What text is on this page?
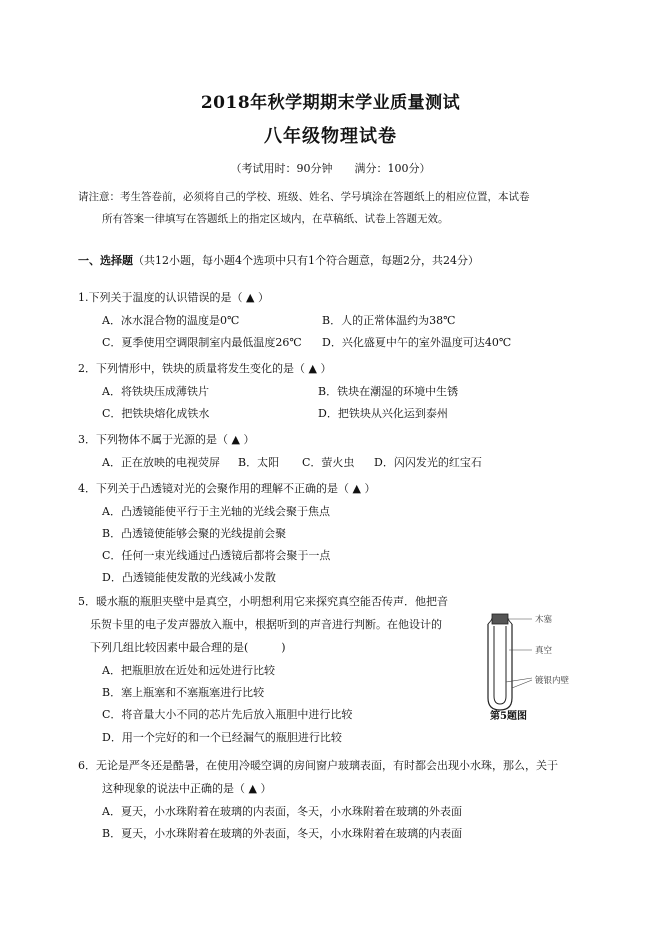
2018年秋学期期末学业质量测试
八年级物理试卷
（考试用时：90分钟　　满分：100分）
请注意：考生答卷前，必须将自己的学校、班级、姓名、学号填涂在答题纸上的相应位置，本试卷
所有答案一律填写在答题纸上的指定区域内，在草稿纸、试卷上答题无效。
一、选择题（共12小题，每小题4个选项中只有1个符合题意，每题2分，共24分）
1.下列关于温度的认识错误的是（ ▲ ）
A．冰水混合物的温度是0℃	B．人的正常体温约为38℃
C．夏季使用空调限制室内最低温度26℃ D．兴化盛夏中午的室外温度可达40℃
2．下列情形中，铁块的质量将发生变化的是（ ▲ ）
A．将铁块压成薄铁片	B．铁块在潮湿的环境中生锈
C．把铁块熔化成铁水	D．把铁块从兴化运到泰州
3．下列物体不属于光源的是（ ▲ ）
A．正在放映的电视荧屏 B．太阳 C．萤火虫 D．闪闪发光的红宝石
4．下列关于凸透镜对光的会聚作用的理解不正确的是（ ▲ ）
A．凸透镜能使平行于主光轴的光线会聚于焦点
B．凸透镜使能够会聚的光线提前会聚
C．任何一束光线通过凸透镜后都将会聚于一点
D．凸透镜能使发散的光线减小发散
5．暖水瓶的瓶胆夹壁中是真空，小明想利用它来探究真空能否传声．他把音
乐贺卡里的电子发声器放入瓶中，根据听到的声音进行判断。在他设计的
下列几组比较因素中最合理的是(　　　)
A．把瓶胆放在近处和远处进行比较
B．塞上瓶塞和不塞瓶塞进行比较
C．将音量大小不同的芯片先后放入瓶胆中进行比较
D．用一个完好的和一个已经漏气的瓶胆进行比较
木塞
真空
镀银内壁
第5题图
6．无论是严冬还是酷暑，在使用冷暖空调的房间窗户玻璃表面，有时都会出现小水珠，那么，关于
这种现象的说法中正确的是（ ▲ ）
A．夏天，小水珠附着在玻璃的内表面，冬天，小水珠附着在玻璃的外表面
B．夏天，小水珠附着在玻璃的外表面，冬天，小水珠附着在玻璃的内表面
